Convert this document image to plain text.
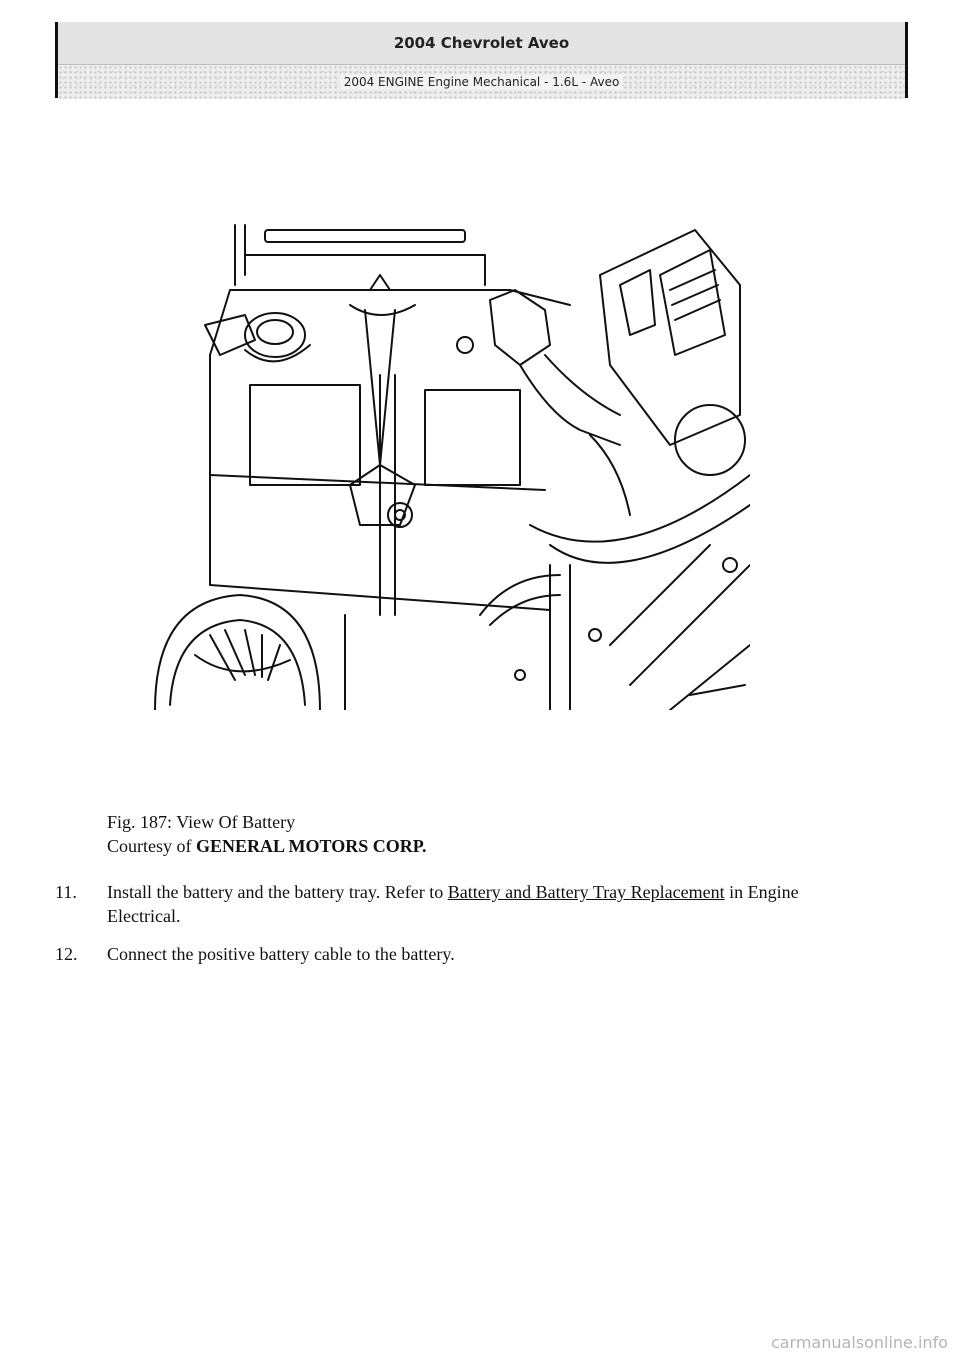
2004 Chevrolet Aveo
2004 ENGINE Engine Mechanical - 1.6L - Aveo
Fig. 187: View Of Battery
Courtesy of GENERAL MOTORS CORP.
11.	Install the battery and the battery tray. Refer to Battery and Battery Tray Replacement in Engine Electrical.
12.	Connect the positive battery cable to the battery.
carmanualsonline.info
